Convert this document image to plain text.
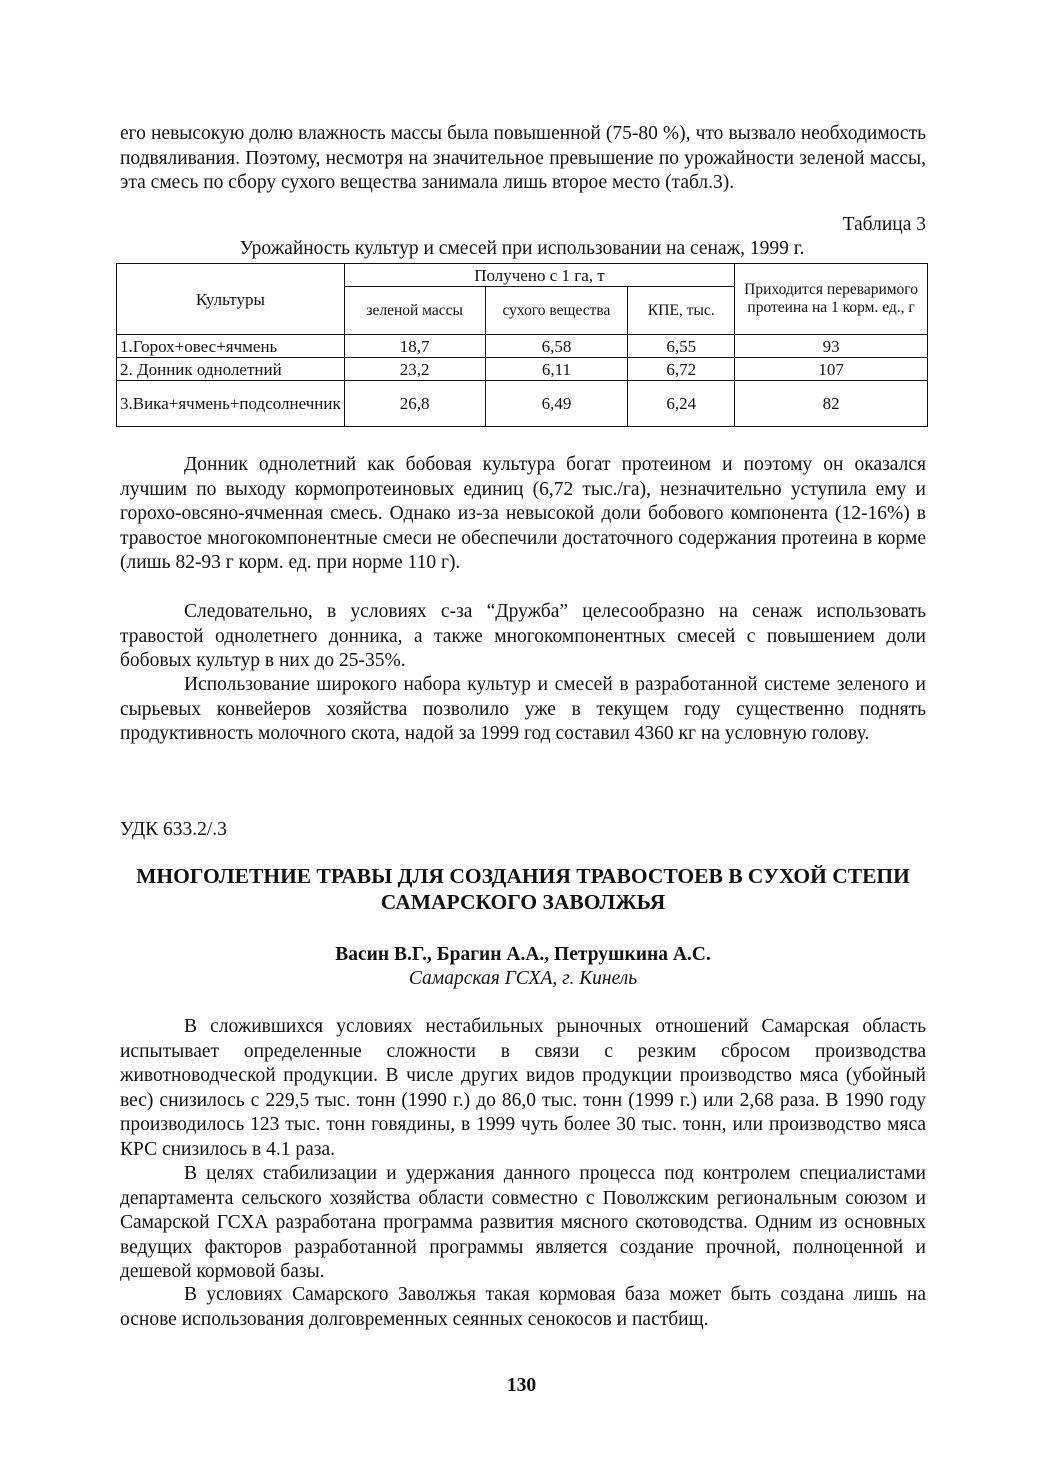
его невысокую долю влажность массы была повышенной (75-80 %), что вызвало необходимость подвяливания. Поэтому, несмотря на значительное превышение по урожайности зеленой массы, эта смесь по сбору сухого вещества занимала лишь второе место (табл.3).

Таблица 3
Урожайность культур и смесей при использовании на сенаж, 1999 г.
Культуры	Получено с 1 га, т			Приходится переваримого протеина на 1 корм. ед., г
	зеленой массы	сухого вещества	КПЕ, тыс.	
1.Горох+овес+ячмень	18,7	6,58	6,55	93
2. Донник однолетний	23,2	6,11	6,72	107
3.Вика+ячмень+подсолнечник	26,8	6,49	6,24	82

Донник однолетний как бобовая культура богат протеином и поэтому он оказался лучшим по выходу кормопротеиновых единиц (6,72 тыс./га), незначительно уступила ему и горохо-овсяно-ячменная смесь. Однако из-за невысокой доли бобового компонента (12-16%) в травостое многокомпонентные смеси не обеспечили достаточного содержания протеина в корме (лишь 82-93 г корм. ед. при норме 110 г).

Следовательно, в условиях с-за “Дружба” целесообразно на сенаж использовать травостой однолетнего донника, а также многокомпонентных смесей с повышением доли бобовых культур в них до 25-35%.

Использование широкого набора культур и смесей в разработанной системе зеленого и сырьевых конвейеров хозяйства позволило уже в текущем году существенно поднять продуктивность молочного скота, надой за 1999 год составил 4360 кг на условную голову.

УДК 633.2/.3
МНОГОЛЕТНИЕ ТРАВЫ ДЛЯ СОЗДАНИЯ ТРАВОСТОЕВ В СУХОЙ СТЕПИ САМАРСКОГО ЗАВОЛЖЬЯ
Васин В.Г., Брагин А.А., Петрушкина А.С.
Самарская ГСХА, г. Кинель

В сложившихся условиях нестабильных рыночных отношений Самарская область испытывает определенные сложности в связи с резким сбросом производства животноводческой продукции. В числе других видов продукции производство мяса (убойный вес) снизилось с 229,5 тыс. тонн (1990 г.) до 86,0 тыс. тонн (1999 г.) или 2,68 раза. В 1990 году производилось 123 тыс. тонн говядины, в 1999 чуть более 30 тыс. тонн, или производство мяса КРС снизилось в 4.1 раза.

В целях стабилизации и удержания данного процесса под контролем специалистами департамента сельского хозяйства области совместно с Поволжским региональным союзом и Самарской ГСХА разработана программа развития мясного скотоводства. Одним из основных ведущих факторов разработанной программы является создание прочной, полноценной и дешевой кормовой базы.

В условиях Самарского Заволжья такая кормовая база может быть создана лишь на основе использования долговременных сеянных сенокосов и пастбищ.

130
